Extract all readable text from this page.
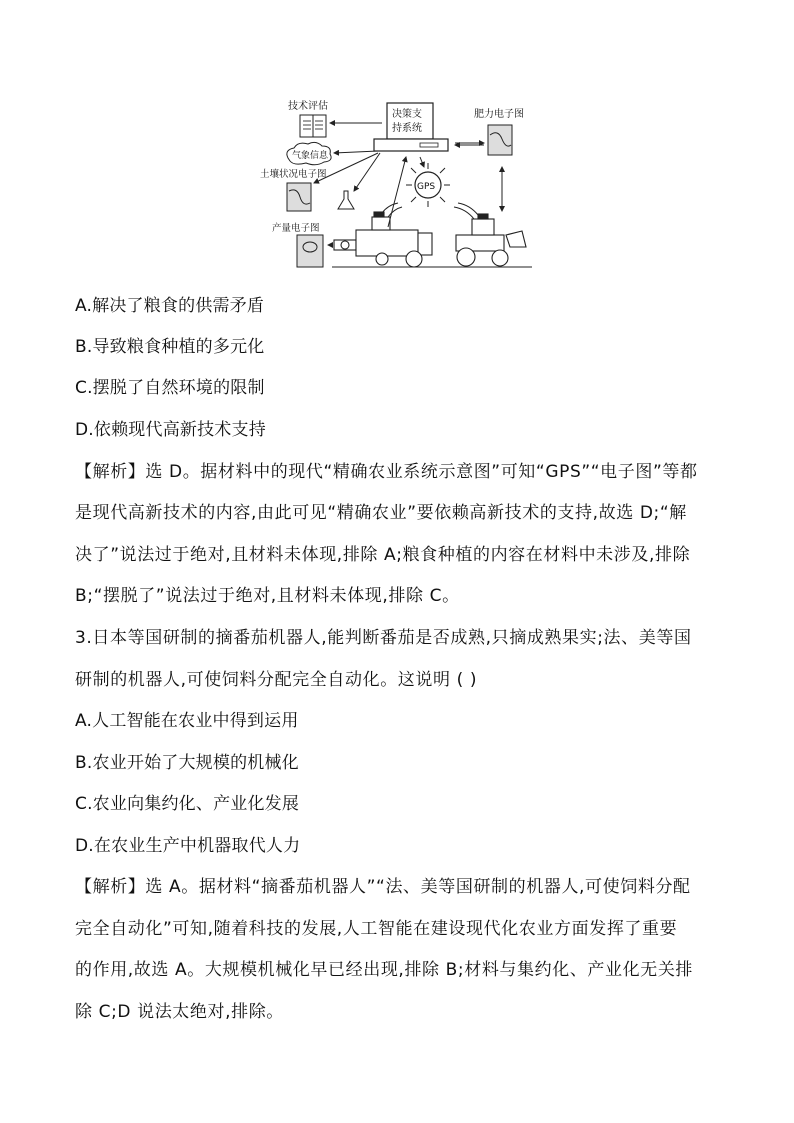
技术评估
决策支
持系统
肥力电子图
气象信息
土壤状况电子图
GPS
产量电子图
A.解决了粮食的供需矛盾
B.导致粮食种植的多元化
C.摆脱了自然环境的限制
D.依赖现代高新技术支持
【解析】选 D。据材料中的现代“精确农业系统示意图”可知“GPS”“电子图”等都
是现代高新技术的内容,由此可见“精确农业”要依赖高新技术的支持,故选 D;“解
决了”说法过于绝对,且材料未体现,排除 A;粮食种植的内容在材料中未涉及,排除
B;“摆脱了”说法过于绝对,且材料未体现,排除 C。
3.日本等国研制的摘番茄机器人,能判断番茄是否成熟,只摘成熟果实;法、美等国
研制的机器人,可使饲料分配完全自动化。这说明 ( )
A.人工智能在农业中得到运用
B.农业开始了大规模的机械化
C.农业向集约化、产业化发展
D.在农业生产中机器取代人力
【解析】选 A。据材料“摘番茄机器人”“法、美等国研制的机器人,可使饲料分配
完全自动化”可知,随着科技的发展,人工智能在建设现代化农业方面发挥了重要
的作用,故选 A。大规模机械化早已经出现,排除 B;材料与集约化、产业化无关排
除 C;D 说法太绝对,排除。
